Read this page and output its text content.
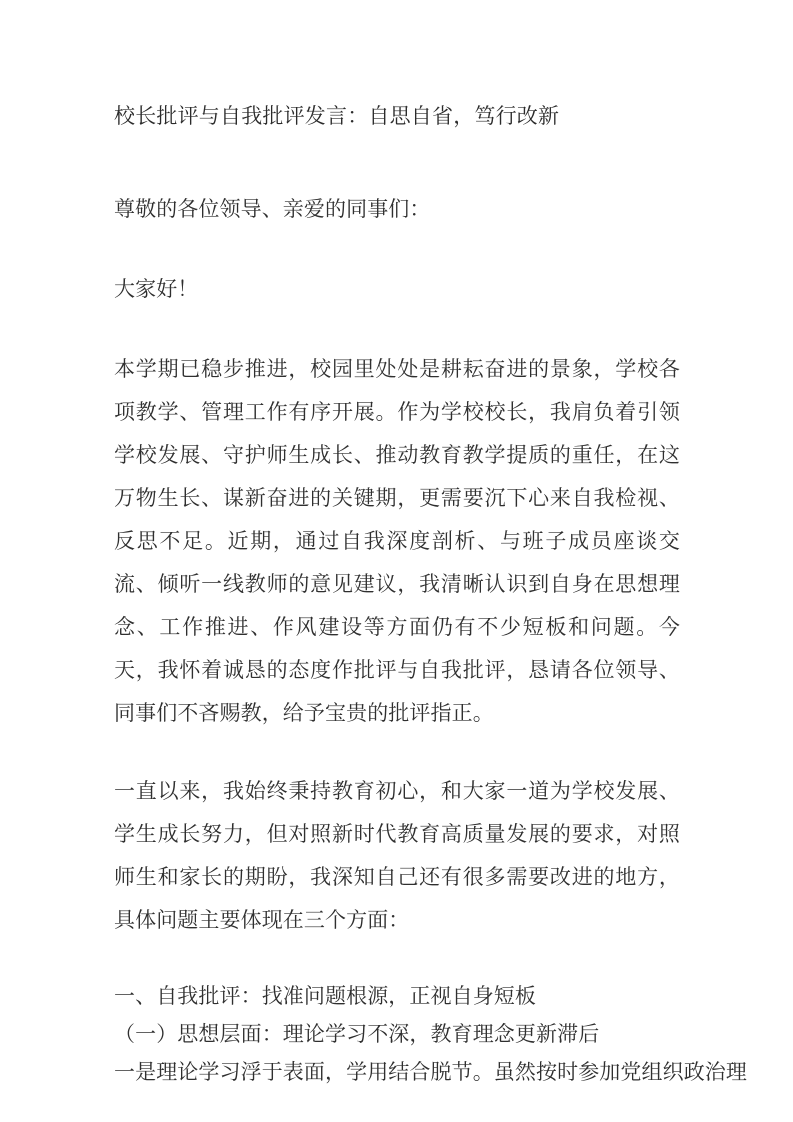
校长批评与自我批评发言：自思自省，笃行改新
尊敬的各位领导、亲爱的同事们：
大家好！

本学期已稳步推进，校园里处处是耕耘奋进的景象，学校各项教学、管理工作有序开展。作为学校校长，我肩负着引领学校发展、守护师生成长、推动教育教学提质的重任，在这万物生长、谋新奋进的关键期，更需要沉下心来自我检视、反思不足。近期，通过自我深度剖析、与班子成员座谈交流、倾听一线教师的意见建议，我清晰认识到自身在思想理念、工作推进、作风建设等方面仍有不少短板和问题。今天，我怀着诚恳的态度作批评与自我批评，恳请各位领导、同事们不吝赐教，给予宝贵的批评指正。

一直以来，我始终秉持教育初心，和大家一道为学校发展、学生成长努力，但对照新时代教育高质量发展的要求，对照师生和家长的期盼，我深知自己还有很多需要改进的地方，具体问题主要体现在三个方面：

一、自我批评：找准问题根源，正视自身短板
（一）思想层面：理论学习不深，教育理念更新滞后
一是理论学习浮于表面，学用结合脱节。虽然按时参加党组织政治理
